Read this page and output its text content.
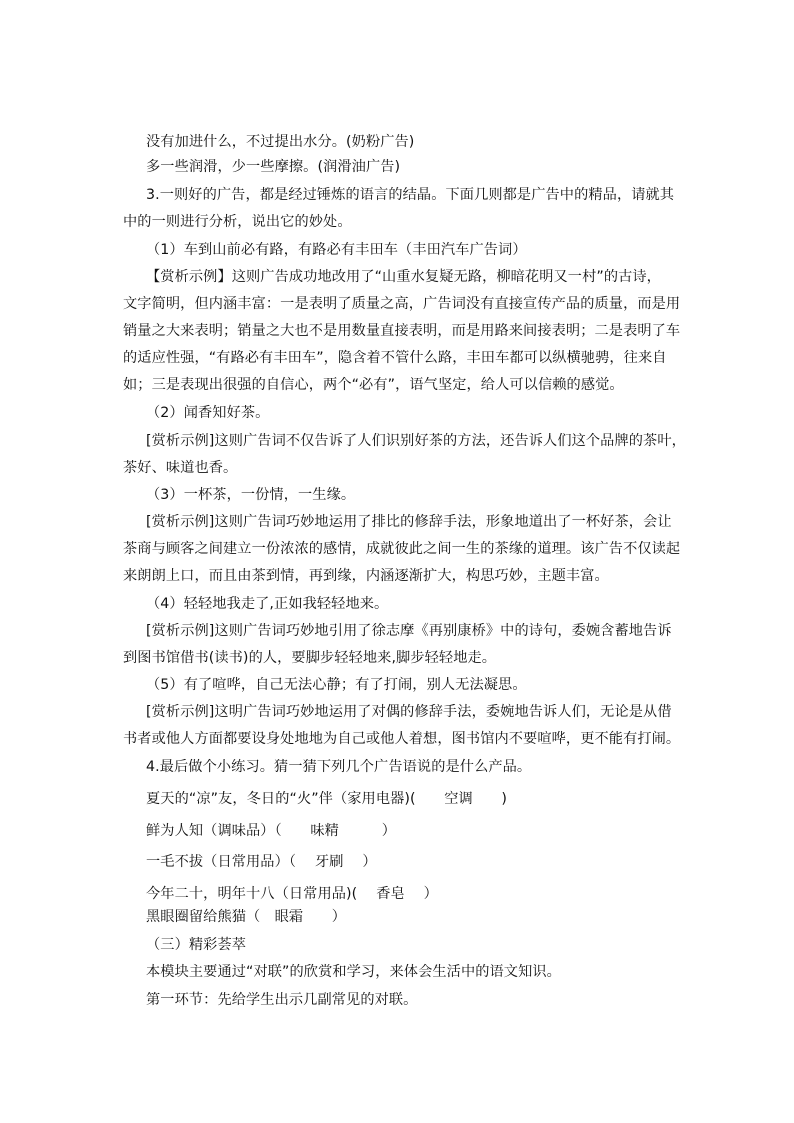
没有加进什么，不过提出水分。(奶粉广告)
多一些润滑，少一些摩擦。(润滑油广告)
3.一则好的广告，都是经过锤炼的语言的结晶。下面几则都是广告中的精品，请就其
中的一则进行分析，说出它的妙处。
（1）车到山前必有路，有路必有丰田车（丰田汽车广告词）
【赏析示例】这则广告成功地改用了“山重水复疑无路，柳暗花明又一村”的古诗，
文字简明，但内涵丰富：一是表明了质量之高，广告词没有直接宣传产品的质量，而是用
销量之大来表明；销量之大也不是用数量直接表明，而是用路来间接表明；二是表明了车
的适应性强，“有路必有丰田车”，隐含着不管什么路，丰田车都可以纵横驰骋，往来自
如；三是表现出很强的自信心，两个“必有”，语气坚定，给人可以信赖的感觉。
（2）闻香知好茶。
[赏析示例]这则广告词不仅告诉了人们识别好茶的方法，还告诉人们这个品牌的茶叶，
茶好、味道也香。
（3）一杯茶，一份情，一生缘。
[赏析示例]这则广告词巧妙地运用了排比的修辞手法，形象地道出了一杯好茶，会让
茶商与顾客之间建立一份浓浓的感情，成就彼此之间一生的茶缘的道理。该广告不仅读起
来朗朗上口，而且由茶到情，再到缘，内涵逐渐扩大，构思巧妙，主题丰富。
（4）轻轻地我走了,正如我轻轻地来。
[赏析示例]这则广告词巧妙地引用了徐志摩《再别康桥》中的诗句，委婉含蓄地告诉
到图书馆借书(读书)的人，要脚步轻轻地来,脚步轻轻地走。
（5）有了喧哗，自己无法心静；有了打闹，别人无法凝思。
[赏析示例]这明广告词巧妙地运用了对偶的修辞手法，委婉地告诉人们，无论是从借
书者或他人方面都要设身处地地为自己或他人着想，图书馆内不要喧哗，更不能有打闹。
4.最后做个小练习。猜一猜下列几个广告语说的是什么产品。
夏天的“凉”友，冬日的“火”伴（家用电器)(　　空调　　)
鲜为人知（调味品）（　　味精　　　）
一毛不拔（日常用品）（　 牙刷　 ）
今年二十，明年十八（日常用品)(　 香皂　 ）
黑眼圈留给熊猫（　眼霜　　）
（三）精彩荟萃
本模块主要通过“对联”的欣赏和学习，来体会生活中的语文知识。
第一环节：先给学生出示几副常见的对联。
